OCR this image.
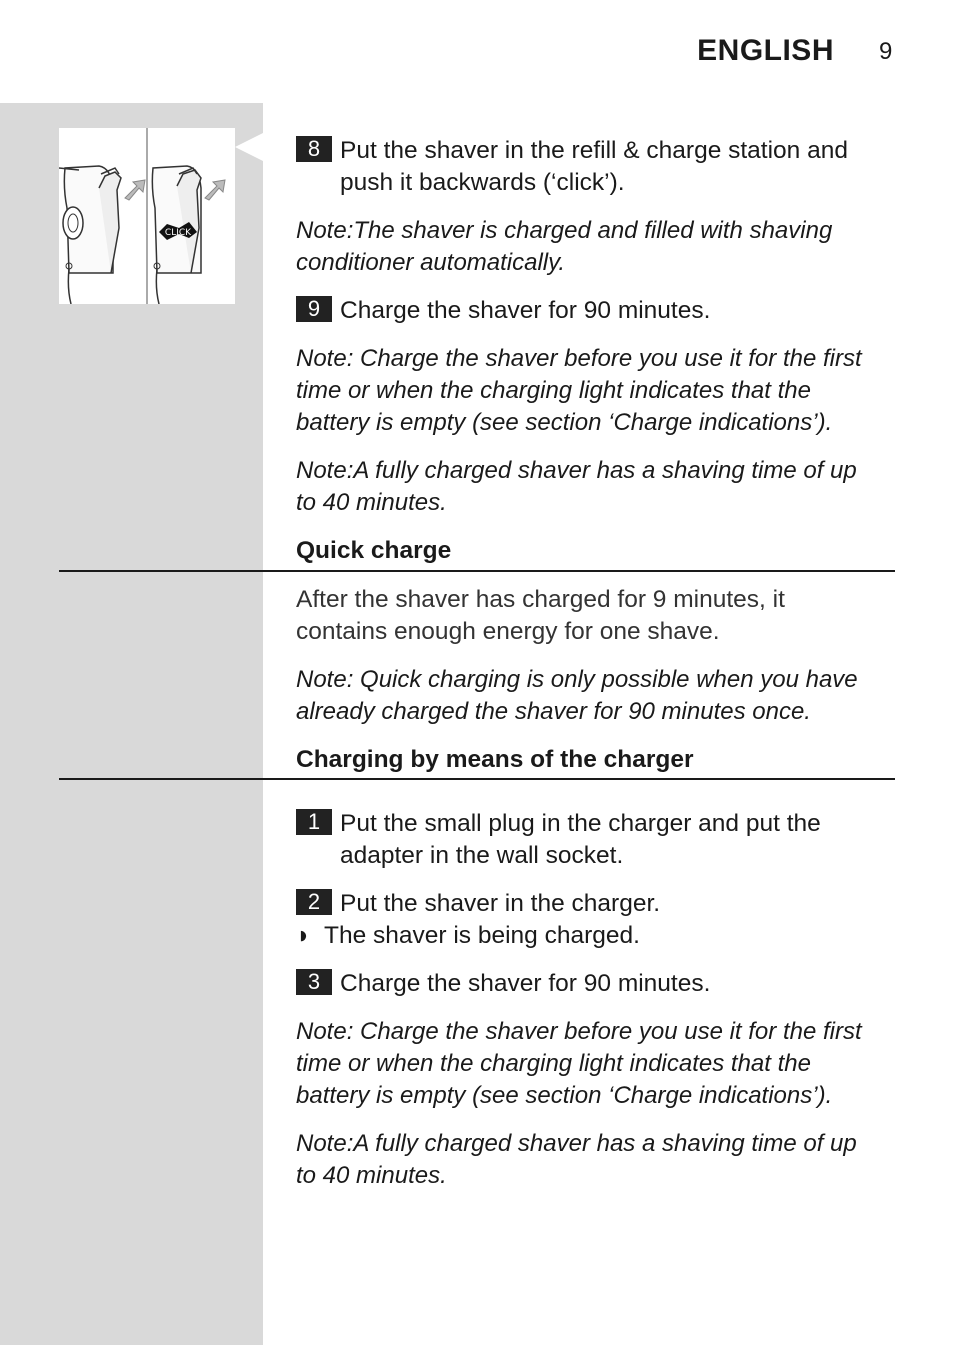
ENGLISH 9
CLICK
8 Put the shaver in the refill & charge station and
push it backwards (‘click’).
Note:The shaver is charged and filled with shaving
conditioner automatically.
9 Charge the shaver for 90 minutes.
Note: Charge the shaver before you use it for the first
time or when the charging light indicates that the
battery is empty (see section ‘Charge indications’).
Note:A fully charged shaver has a shaving time of up
to 40 minutes.
Quick charge
After the shaver has charged for 9 minutes, it
contains enough energy for one shave.
Note: Quick charging is only possible when you have
already charged the shaver for 90 minutes once.
Charging by means of the charger
1 Put the small plug in the charger and put the
adapter in the wall socket.
2 Put the shaver in the charger.
◗ The shaver is being charged.
3 Charge the shaver for 90 minutes.
Note: Charge the shaver before you use it for the first
time or when the charging light indicates that the
battery is empty (see section ‘Charge indications’).
Note:A fully charged shaver has a shaving time of up
to 40 minutes.
